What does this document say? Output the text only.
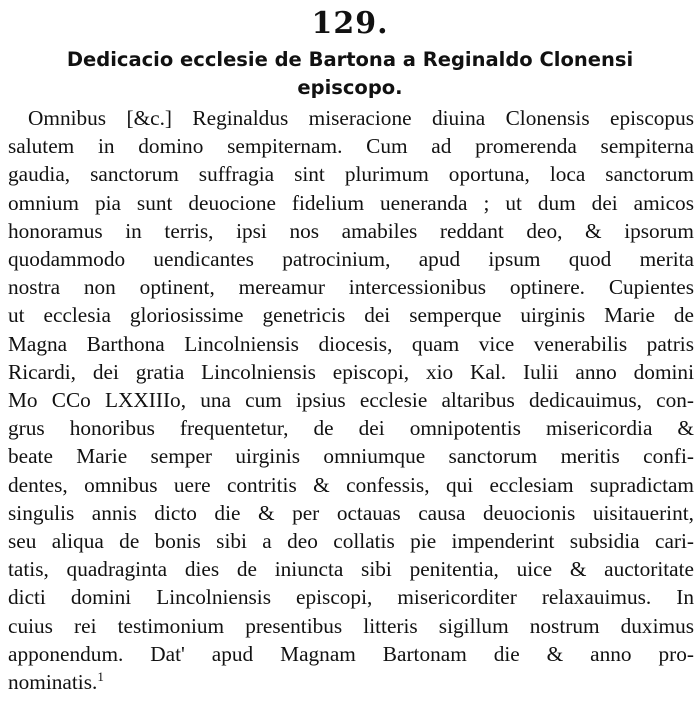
129.
Dedicacio ecclesie de Bartona a Reginaldo Clonensi episcopo.
Omnibus [&c.] Reginaldus miseracione diuina Clonensis episcopus
salutem in domino sempiternam. Cum ad promerenda sempiterna
gaudia, sanctorum suffragia sint plurimum oportuna, loca sanctorum
omnium pia sunt deuocione fidelium ueneranda ; ut dum dei amicos
honoramus in terris, ipsi nos amabiles reddant deo, & ipsorum
quodammodo uendicantes patrocinium, apud ipsum quod merita
nostra non optinent, mereamur intercessionibus optinere. Cupientes
ut ecclesia gloriosissime genetricis dei semperque uirginis Marie de
Magna Barthona Lincolniensis diocesis, quam vice venerabilis patris
Ricardi, dei gratia Lincolniensis episcopi, xio Kal. Iulii anno domini
Mo CCo LXXIIIo, una cum ipsius ecclesie altaribus dedicauimus, con-
grus honoribus frequentetur, de dei omnipotentis misericordia &
beate Marie semper uirginis omniumque sanctorum meritis confi-
dentes, omnibus uere contritis & confessis, qui ecclesiam supradictam
singulis annis dicto die & per octauas causa deuocionis uisitauerint,
seu aliqua de bonis sibi a deo collatis pie impenderint subsidia cari-
tatis, quadraginta dies de iniuncta sibi penitentia, uice & auctoritate
dicti domini Lincolniensis episcopi, misericorditer relaxauimus. In
cuius rei testimonium presentibus litteris sigillum nostrum duximus
apponendum. Dat' apud Magnam Bartonam die & anno pro-
nominatis.$^1$
